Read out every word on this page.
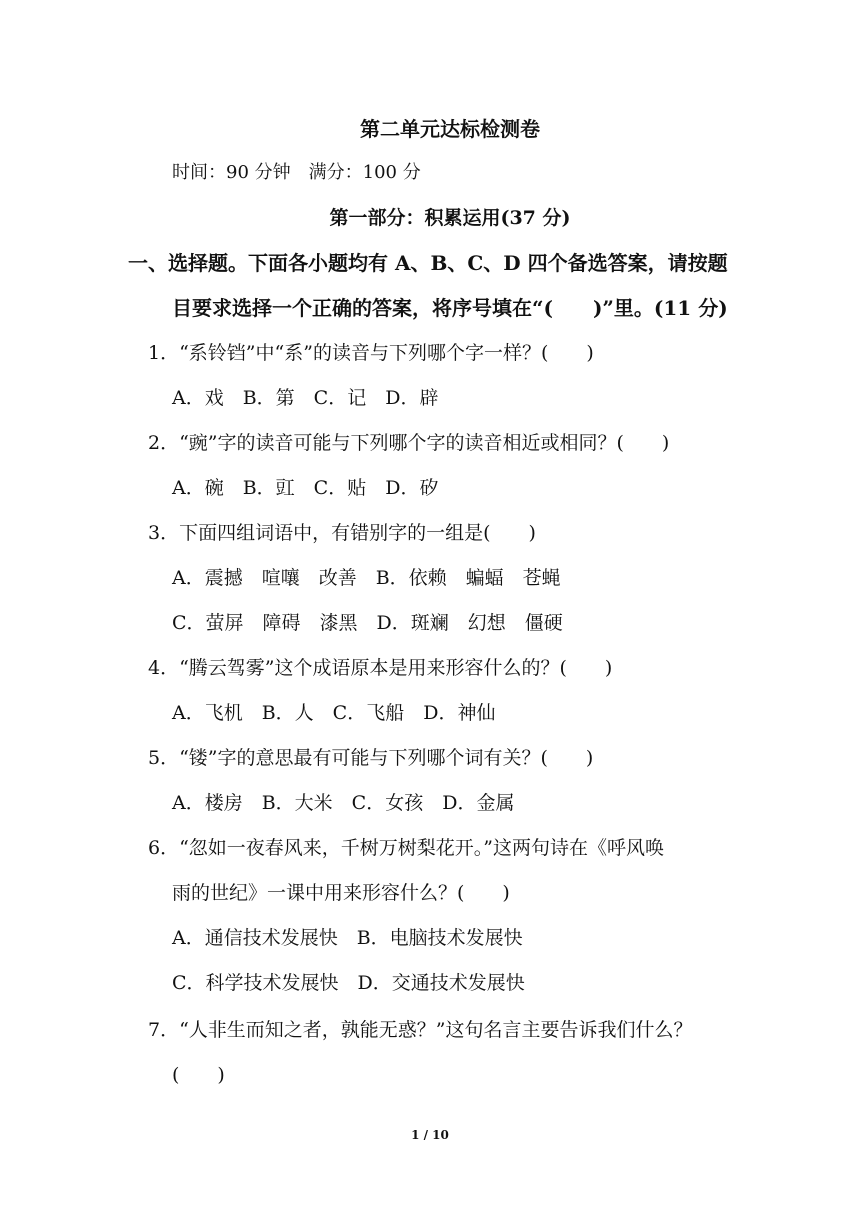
第二单元达标检测卷
时间：90 分钟　满分：100 分
第一部分：积累运用(37 分)
一、选择题。下面各小题均有 A、B、C、D 四个备选答案，请按题
目要求选择一个正确的答案，将序号填在“(　　)”里。(11 分)
1．“系铃铛”中“系”的读音与下列哪个字一样？(　　)
A．戏　B．第　C．记　D．辟
2．“豌”字的读音可能与下列哪个字的读音相近或相同？(　　)
A．碗　B．豇　C．贴　D．矽
3．下面四组词语中，有错别字的一组是(　　)
A．震撼　喧嚷　改善　B．依赖　蝙蝠　苍蝇
C．萤屏　障碍　漆黑　D．斑斓　幻想　僵硬
4．“腾云驾雾”这个成语原本是用来形容什么的？(　　)
A．飞机　B．人　C．飞船　D．神仙
5．“镂”字的意思最有可能与下列哪个词有关？(　　)
A．楼房　B．大米　C．女孩　D．金属
6．“忽如一夜春风来，千树万树梨花开。”这两句诗在《呼风唤
雨的世纪》一课中用来形容什么？(　　)
A．通信技术发展快　B．电脑技术发展快
C．科学技术发展快　D．交通技术发展快
7．“人非生而知之者，孰能无惑？”这句名言主要告诉我们什么？
(　　)
1 / 10
